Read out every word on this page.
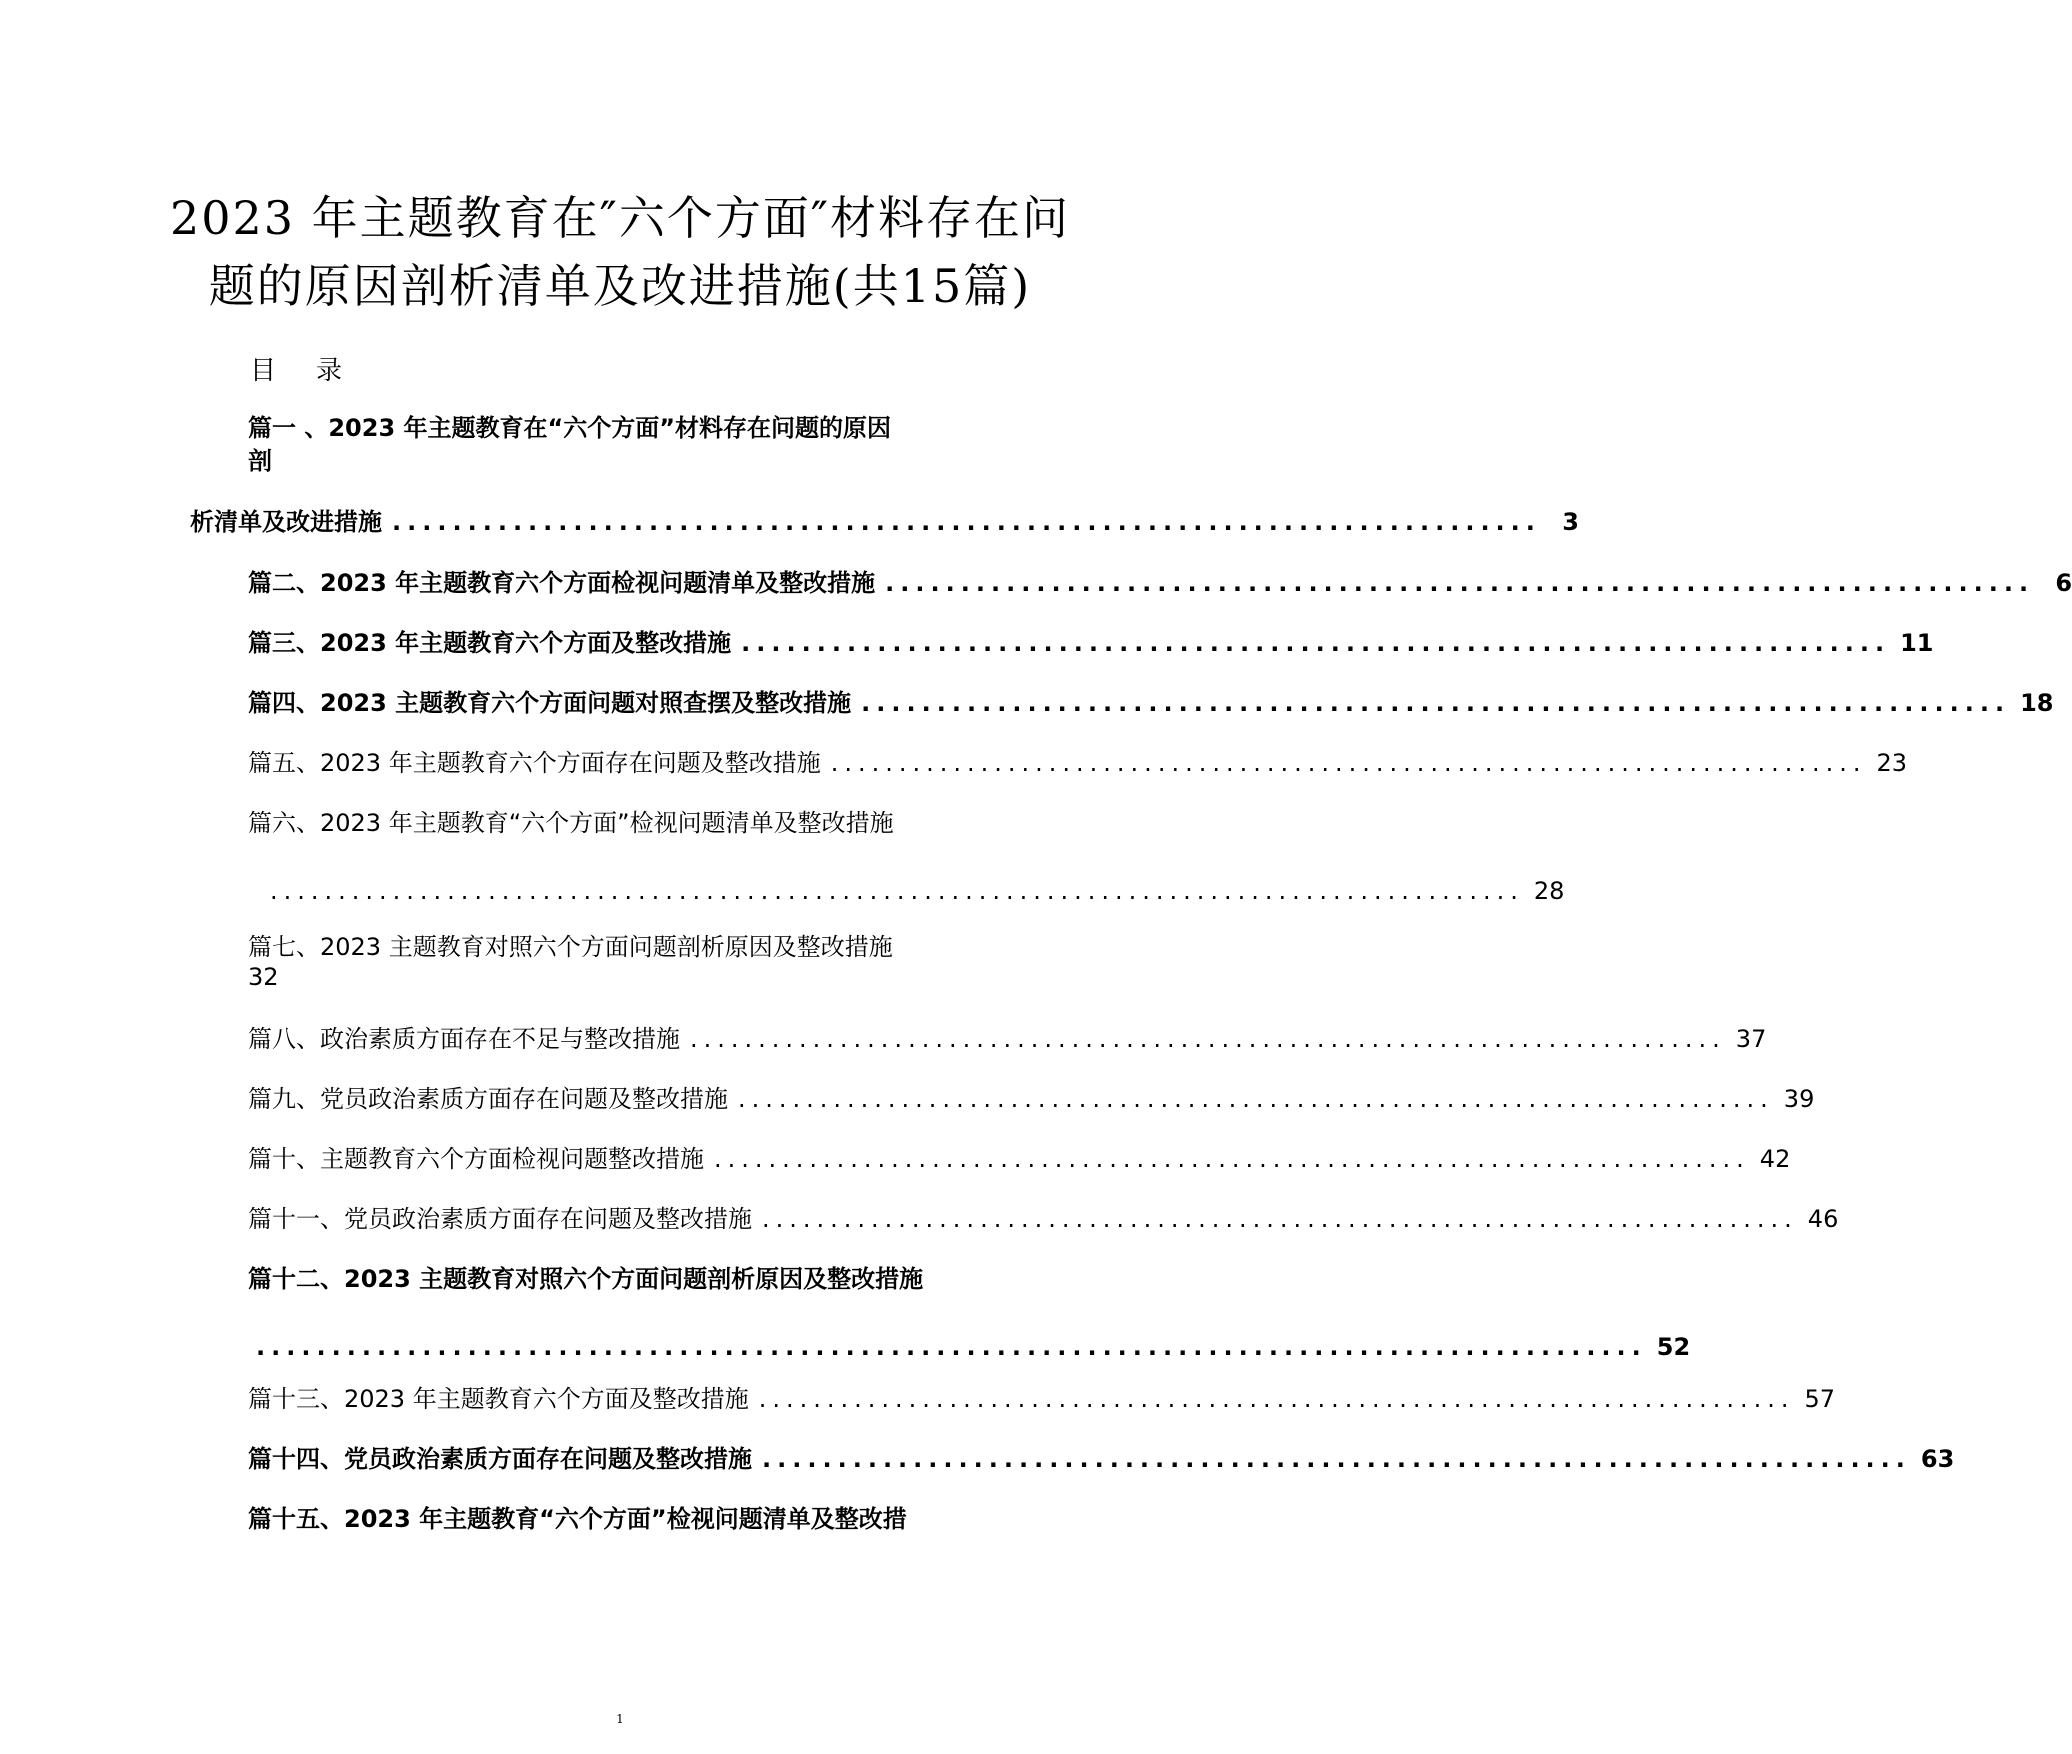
2023 年主题教育在″六个方面″材料存在问
题的原因剖析清单及改进措施(共15篇)
目 录
篇一 、2023 年主题教育在“六个方面”材料存在问题的原因
剖
析清单及改进措施 ............................................................................ 3
篇二、2023 年主题教育六个方面检视问题清单及整改措施 ............................................................................ 6
篇三、2023 年主题教育六个方面及整改措施 ............................................................................ 11
篇四、2023 主题教育六个方面问题对照查摆及整改措施 ............................................................................ 18
篇五、2023 年主题教育六个方面存在问题及整改措施 ............................................................................ 23
篇六、2023 年主题教育“六个方面”检视问题清单及整改措施
............................................................................................ 28
篇七、2023 主题教育对照六个方面问题剖析原因及整改措施
32
篇八、政治素质方面存在不足与整改措施 ............................................................................ 37
篇九、党员政治素质方面存在问题及整改措施 ............................................................................ 39
篇十、主题教育六个方面检视问题整改措施 ............................................................................ 42
篇十一、党员政治素质方面存在问题及整改措施 ............................................................................ 46
篇十二、2023 主题教育对照六个方面问题剖析原因及整改措施
............................................................................................ 52
篇十三、2023 年主题教育六个方面及整改措施 ............................................................................ 57
篇十四、党员政治素质方面存在问题及整改措施 ............................................................................ 63
篇十五、2023 年主题教育“六个方面”检视问题清单及整改措
1
